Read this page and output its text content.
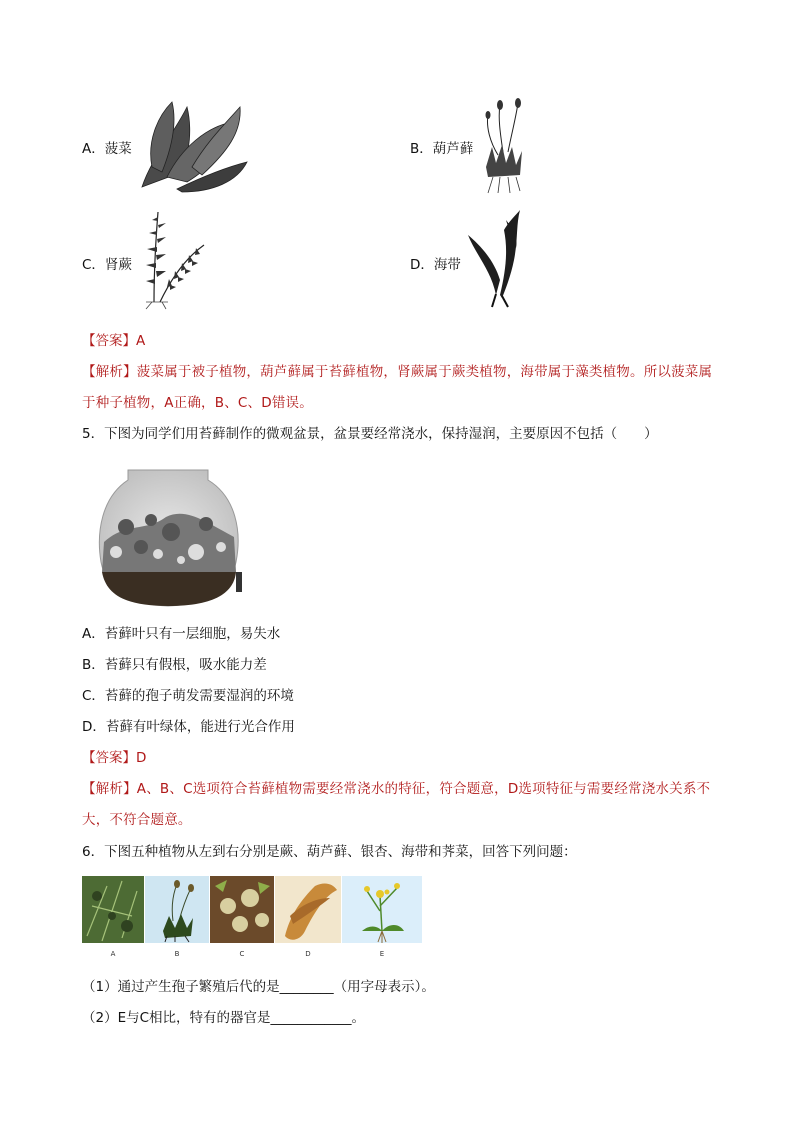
A．菠菜	B．葫芦藓
C．肾蕨	D．海带
【答案】A
【解析】菠菜属于被子植物，葫芦藓属于苔藓植物，肾蕨属于蕨类植物，海带属于藻类植物。所以菠菜属于种子植物，A正确，B、C、D错误。
5．下图为同学们用苔藓制作的微观盆景，盆景要经常浇水，保持湿润，主要原因不包括（　　）
A．苔藓叶只有一层细胞，易失水
B．苔藓只有假根，吸水能力差
C．苔藓的孢子萌发需要湿润的环境
D．苔藓有叶绿体，能进行光合作用
【答案】D
【解析】A、B、C选项符合苔藓植物需要经常浇水的特征，符合题意，D选项特征与需要经常浇水关系不大，不符合题意。
6．下图五种植物从左到右分别是蕨、葫芦藓、银杏、海带和荠菜，回答下列问题：
A	B	C	D	E
（1）通过产生孢子繁殖后代的是________（用字母表示）。
（2）E与C相比，特有的器官是____________。
